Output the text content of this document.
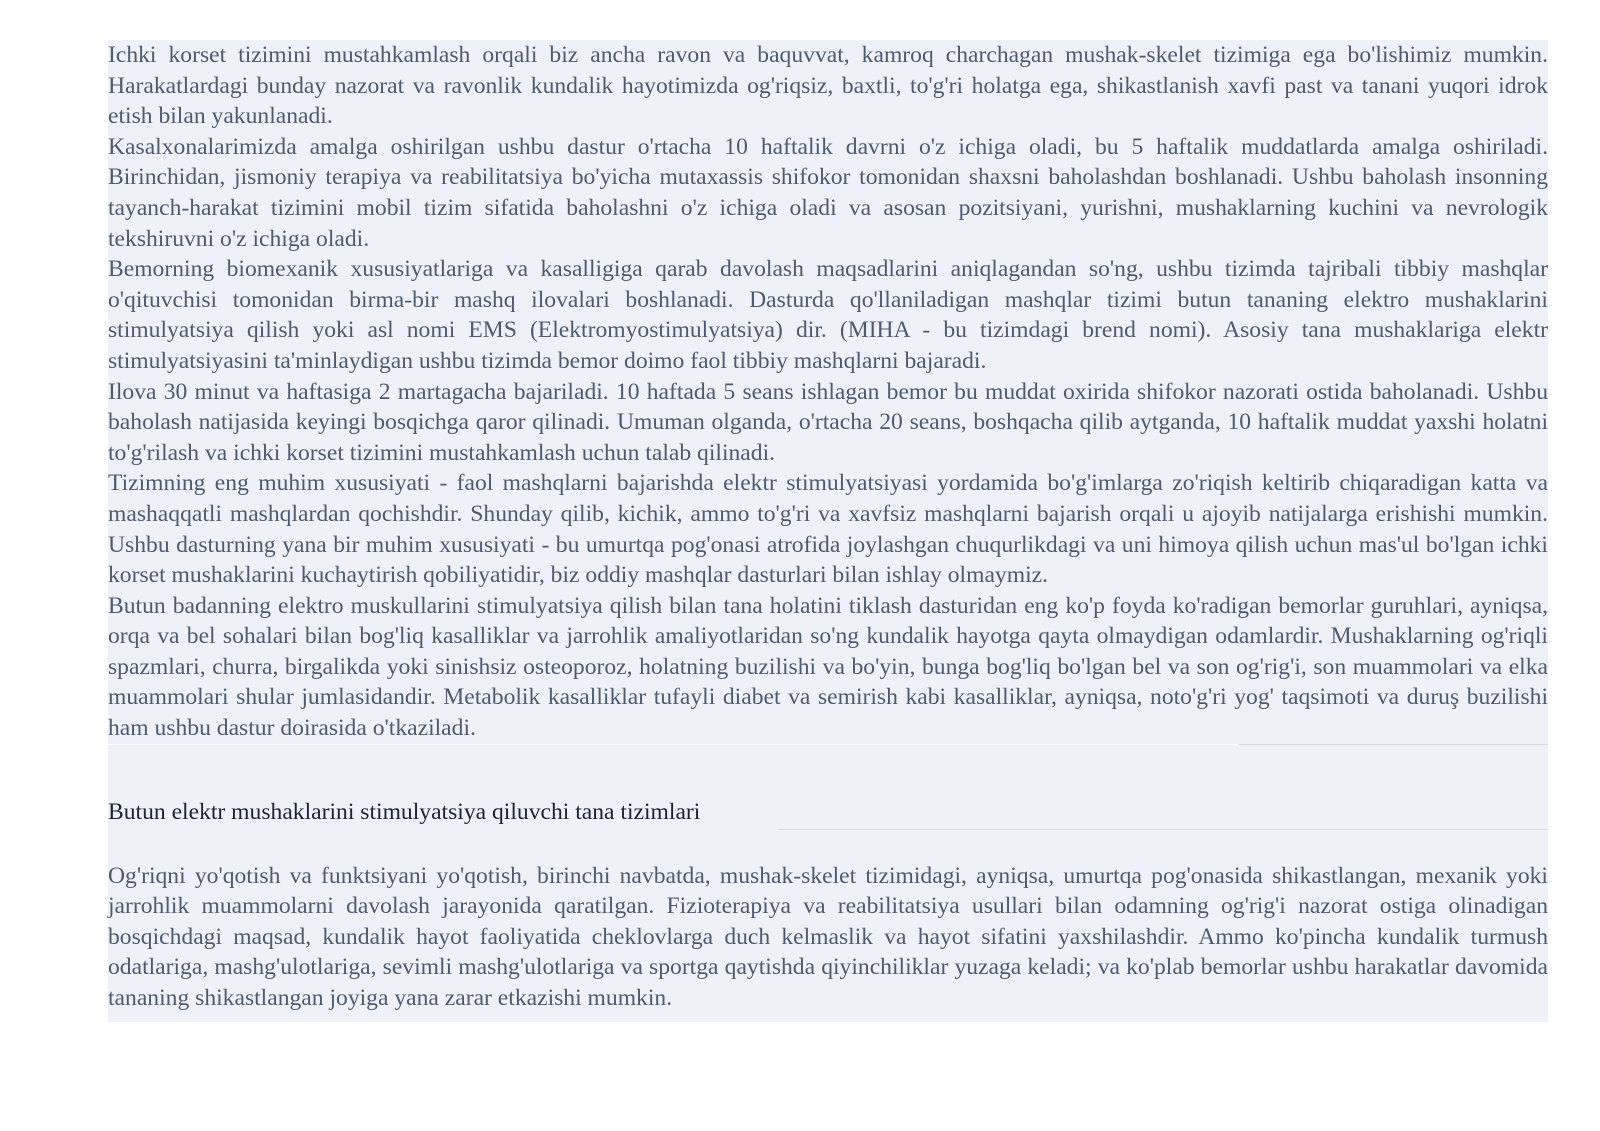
Ichki korset tizimini mustahkamlash orqali biz ancha ravon va baquvvat, kamroq charchagan mushak-skelet tizimiga ega bo'lishimiz mumkin. Harakatlardagi bunday nazorat va ravonlik kundalik hayotimizda og'riqsiz, baxtli, to'g'ri holatga ega, shikastlanish xavfi past va tanani yuqori idrok etish bilan yakunlanadi.

Kasalxonalarimizda amalga oshirilgan ushbu dastur o'rtacha 10 haftalik davrni o'z ichiga oladi, bu 5 haftalik muddatlarda amalga oshiriladi. Birinchidan, jismoniy terapiya va reabilitatsiya bo'yicha mutaxassis shifokor tomonidan shaxsni baholashdan boshlanadi. Ushbu baholash insonning tayanch-harakat tizimini mobil tizim sifatida baholashni o'z ichiga oladi va asosan pozitsiyani, yurishni, mushaklarning kuchini va nevrologik tekshiruvni o'z ichiga oladi.

Bemorning biomexanik xususiyatlariga va kasalligiga qarab davolash maqsadlarini aniqlagandan so'ng, ushbu tizimda tajribali tibbiy mashqlar o'qituvchisi tomonidan birma-bir mashq ilovalari boshlanadi. Dasturda qo'llaniladigan mashqlar tizimi butun tananing elektro mushaklarini stimulyatsiya qilish yoki asl nomi EMS (Elektromyostimulyatsiya) dir. (MIHA - bu tizimdagi brend nomi). Asosiy tana mushaklariga elektr stimulyatsiyasini ta'minlaydigan ushbu tizimda bemor doimo faol tibbiy mashqlarni bajaradi.

Ilova 30 minut va haftasiga 2 martagacha bajariladi. 10 haftada 5 seans ishlagan bemor bu muddat oxirida shifokor nazorati ostida baholanadi. Ushbu baholash natijasida keyingi bosqichga qaror qilinadi. Umuman olganda, o'rtacha 20 seans, boshqacha qilib aytganda, 10 haftalik muddat yaxshi holatni to'g'rilash va ichki korset tizimini mustahkamlash uchun talab qilinadi.

Tizimning eng muhim xususiyati - faol mashqlarni bajarishda elektr stimulyatsiyasi yordamida bo'g'imlarga zo'riqish keltirib chiqaradigan katta va mashaqqatli mashqlardan qochishdir. Shunday qilib, kichik, ammo to'g'ri va xavfsiz mashqlarni bajarish orqali u ajoyib natijalarga erishishi mumkin. Ushbu dasturning yana bir muhim xususiyati - bu umurtqa pog'onasi atrofida joylashgan chuqurlikdagi va uni himoya qilish uchun mas'ul bo'lgan ichki korset mushaklarini kuchaytirish qobiliyatidir, biz oddiy mashqlar dasturlari bilan ishlay olmaymiz.

Butun badanning elektro muskullarini stimulyatsiya qilish bilan tana holatini tiklash dasturidan eng ko'p foyda ko'radigan bemorlar guruhlari, ayniqsa, orqa va bel sohalari bilan bog'liq kasalliklar va jarrohlik amaliyotlaridan so'ng kundalik hayotga qayta olmaydigan odamlardir. Mushaklarning og'riqli spazmlari, churra, birgalikda yoki sinishsiz osteoporoz, holatning buzilishi va bo'yin, bunga bog'liq bo'lgan bel va son og'rig'i, son muammolari va elka muammolari shular jumlasidandir. Metabolik kasalliklar tufayli diabet va semirish kabi kasalliklar, ayniqsa, noto'g'ri yog' taqsimoti va duruş buzilishi ham ushbu dastur doirasida o'tkaziladi.

Butun elektr mushaklarini stimulyatsiya qiluvchi tana tizimlari

Og'riqni yo'qotish va funktsiyani yo'qotish, birinchi navbatda, mushak-skelet tizimidagi, ayniqsa, umurtqa pog'onasida shikastlangan, mexanik yoki jarrohlik muammolarni davolash jarayonida qaratilgan. Fizioterapiya va reabilitatsiya usullari bilan odamning og'rig'i nazorat ostiga olinadigan bosqichdagi maqsad, kundalik hayot faoliyatida cheklovlarga duch kelmaslik va hayot sifatini yaxshilashdir. Ammo ko'pincha kundalik turmush odatlariga, mashg'ulotlariga, sevimli mashg'ulotlariga va sportga qaytishda qiyinchiliklar yuzaga keladi; va ko'plab bemorlar ushbu harakatlar davomida tananing shikastlangan joyiga yana zarar etkazishi mumkin.
